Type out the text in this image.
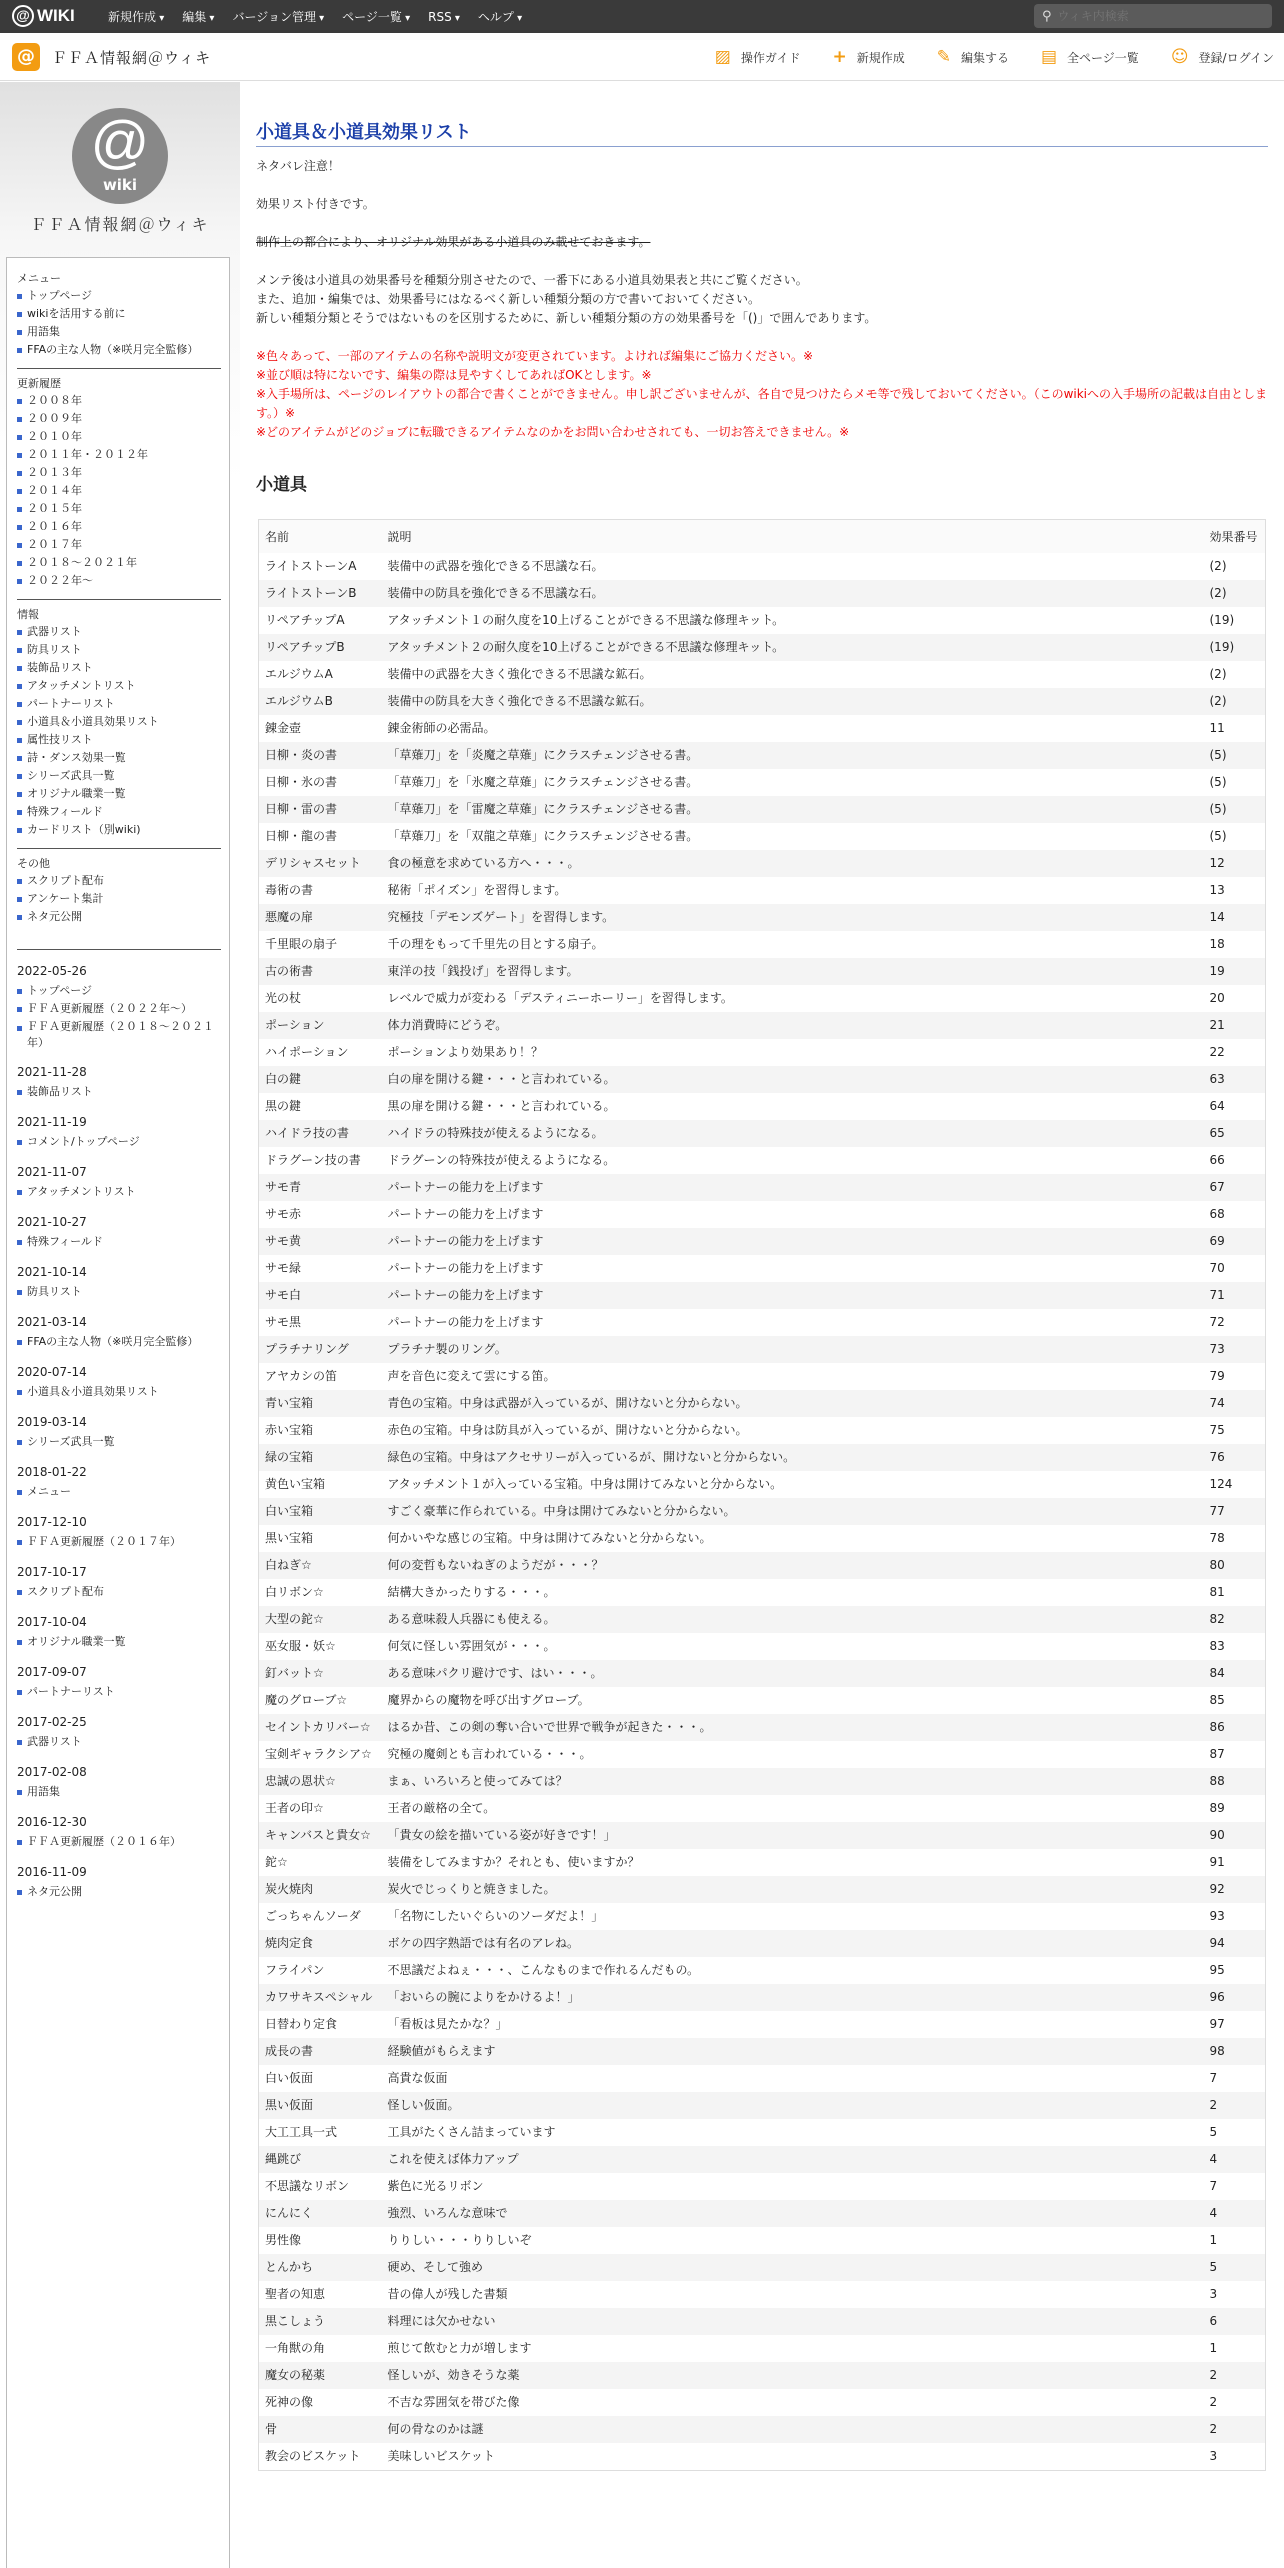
@ WIKI	新規作成 ▾	編集 ▾	バージョン管理 ▾	ページ一覧 ▾	RSS ▾	ヘルプ ▾	⚲
ウィキ内検索
@	ＦＦＡ情報網＠ウィキ	▨ 操作ガイド + 新規作成 ✎ 編集する ▤ 全ページ一覧 ☺ 登録/ログイン
@
wiki
ＦＦＡ情報網＠ウィキ
メニュー
トップページ
wikiを活用する前に
用語集
FFAの主な人物（※咲月完全監修）
更新履歴
２００８年
２００９年
２０１０年
２０１１年・２０１２年
２０１３年
２０１４年
２０１５年
２０１６年
２０１７年
２０１８～２０２１年
２０２２年～
情報
武器リスト
防具リスト
装飾品リスト
アタッチメントリスト
パートナーリスト
小道具＆小道具効果リスト
属性技リスト
詩・ダンス効果一覧
シリーズ武具一覧
オリジナル職業一覧
特殊フィールド
カードリスト（別wiki)
その他
スクリプト配布
アンケート集計
ネタ元公開
2022-05-26
トップページ
ＦＦＡ更新履歴（２０２２年～）
ＦＦＡ更新履歴（２０１８～２０２１年）
2021-11-28
装飾品リスト
2021-11-19
コメント/トップページ
2021-11-07
アタッチメントリスト
2021-10-27
特殊フィールド
2021-10-14
防具リスト
2021-03-14
FFAの主な人物（※咲月完全監修）
2020-07-14
小道具＆小道具効果リスト
2019-03-14
シリーズ武具一覧
2018-01-22
メニュー
2017-12-10
ＦＦＡ更新履歴（２０１７年）
2017-10-17
スクリプト配布
2017-10-04
オリジナル職業一覧
2017-09-07
パートナーリスト
2017-02-25
武器リスト
2017-02-08
用語集
2016-12-30
ＦＦＡ更新履歴（２０１６年）
2016-11-09
ネタ元公開
小道具＆小道具効果リスト

ネタバレ注意！

効果リスト付きです。

制作上の都合により、オリジナル効果がある小道具のみ載せておきます。

メンテ後は小道具の効果番号を種類分別させたので、一番下にある小道具効果表と共にご覧ください。

また、追加・編集では、効果番号にはなるべく新しい種類分類の方で書いておいてください。

新しい種類分類とそうではないものを区別するために、新しい種類分類の方の効果番号を「()」で囲んであります。

※色々あって、一部のアイテムの名称や説明文が変更されています。よければ編集にご協力ください。※

※並び順は特にないです、編集の際は見やすくしてあればOKとします。※

※入手場所は、ページのレイアウトの都合で書くことができません。申し訳ございませんが、各自で見つけたらメモ等で残しておいてください。（このwikiへの入手場所の記載は自由とします。）※

※どのアイテムがどのジョブに転職できるアイテムなのかをお問い合わせされても、一切お答えできません。※

小道具
名前	説明	効果番号
ライトストーンA	装備中の武器を強化できる不思議な石。	(2)
ライトストーンB	装備中の防具を強化できる不思議な石。	(2)
リペアチップA	アタッチメント１の耐久度を10上げることができる不思議な修理キット。	(19)
リペアチップB	アタッチメント２の耐久度を10上げることができる不思議な修理キット。	(19)
エルジウムA	装備中の武器を大きく強化できる不思議な鉱石。	(2)
エルジウムB	装備中の防具を大きく強化できる不思議な鉱石。	(2)
錬金壺	錬金術師の必需品。	11
日柳・炎の書	「草薙刀」を「炎魔之草薙」にクラスチェンジさせる書。	(5)
日柳・氷の書	「草薙刀」を「氷魔之草薙」にクラスチェンジさせる書。	(5)
日柳・雷の書	「草薙刀」を「雷魔之草薙」にクラスチェンジさせる書。	(5)
日柳・龍の書	「草薙刀」を「双龍之草薙」にクラスチェンジさせる書。	(5)
デリシャスセット	食の極意を求めている方へ・・・。	12
毒術の書	秘術「ポイズン」を習得します。	13
悪魔の扉	究極技「デモンズゲート」を習得します。	14
千里眼の扇子	千の理をもって千里先の目とする扇子。	18
古の術書	東洋の技「銭投げ」を習得します。	19
光の杖	レベルで威力が変わる「デスティニーホーリー」を習得します。	20
ポーション	体力消費時にどうぞ。	21
ハイポーション	ポーションより効果あり！？	22
白の鍵	白の扉を開ける鍵・・・と言われている。	63
黒の鍵	黒の扉を開ける鍵・・・と言われている。	64
ハイドラ技の書	ハイドラの特殊技が使えるようになる。	65
ドラグーン技の書	ドラグーンの特殊技が使えるようになる。	66
サモ青	パートナーの能力を上げます	67
サモ赤	パートナーの能力を上げます	68
サモ黄	パートナーの能力を上げます	69
サモ緑	パートナーの能力を上げます	70
サモ白	パートナーの能力を上げます	71
サモ黒	パートナーの能力を上げます	72
プラチナリング	プラチナ製のリング。	73
アヤカシの笛	声を音色に変えて雲にする笛。	79
青い宝箱	青色の宝箱。中身は武器が入っているが、開けないと分からない。	74
赤い宝箱	赤色の宝箱。中身は防具が入っているが、開けないと分からない。	75
緑の宝箱	緑色の宝箱。中身はアクセサリーが入っているが、開けないと分からない。	76
黄色い宝箱	アタッチメント１が入っている宝箱。中身は開けてみないと分からない。	124
白い宝箱	すごく豪華に作られている。中身は開けてみないと分からない。	77
黒い宝箱	何かいやな感じの宝箱。中身は開けてみないと分からない。	78
白ねぎ☆	何の変哲もないねぎのようだが・・・？	80
白リボン☆	結構大きかったりする・・・。	81
大型の鉈☆	ある意味殺人兵器にも使える。	82
巫女服・妖☆	何気に怪しい雰囲気が・・・。	83
釘バット☆	ある意味パクリ避けです、はい・・・。	84
魔のグローブ☆	魔界からの魔物を呼び出すグローブ。	85
セイントカリバー☆	はるか昔、この剣の奪い合いで世界で戦争が起きた・・・。	86
宝剣ギャラクシア☆	究極の魔剣とも言われている・・・。	87
忠誠の恩状☆	まぁ、いろいろと使ってみては？	88
王者の印☆	王者の厳格の全て。	89
キャンバスと貴女☆	「貴女の絵を描いている姿が好きです！」	90
鉈☆	装備をしてみますか？それとも、使いますか？	91
炭火焼肉	炭火でじっくりと焼きました。	92
ごっちゃんソーダ	「名物にしたいぐらいのソーダだよ！」	93
焼肉定食	ボケの四字熟語では有名のアレね。	94
フライパン	不思議だよねぇ・・・、こんなものまで作れるんだもの。	95
カワサキスペシャル	「おいらの腕によりをかけるよ！」	96
日替わり定食	「看板は見たかな？」	97
成長の書	経験値がもらえます	98
白い仮面	高貴な仮面	7
黒い仮面	怪しい仮面。	2
大工工具一式	工具がたくさん詰まっています	5
縄跳び	これを使えば体力アップ	4
不思議なリボン	紫色に光るリボン	7
にんにく	強烈、いろんな意味で	4
男性像	りりしい・・・りりしいぞ	1
とんかち	硬め、そして強め	5
聖者の知恵	昔の偉人が残した書類	3
黒こしょう	料理には欠かせない	6
一角獣の角	煎じて飲むと力が増します	1
魔女の秘薬	怪しいが、効きそうな薬	2
死神の像	不吉な雰囲気を帯びた像	2
骨	何の骨なのかは謎	2
教会のビスケット	美味しいビスケット	3
